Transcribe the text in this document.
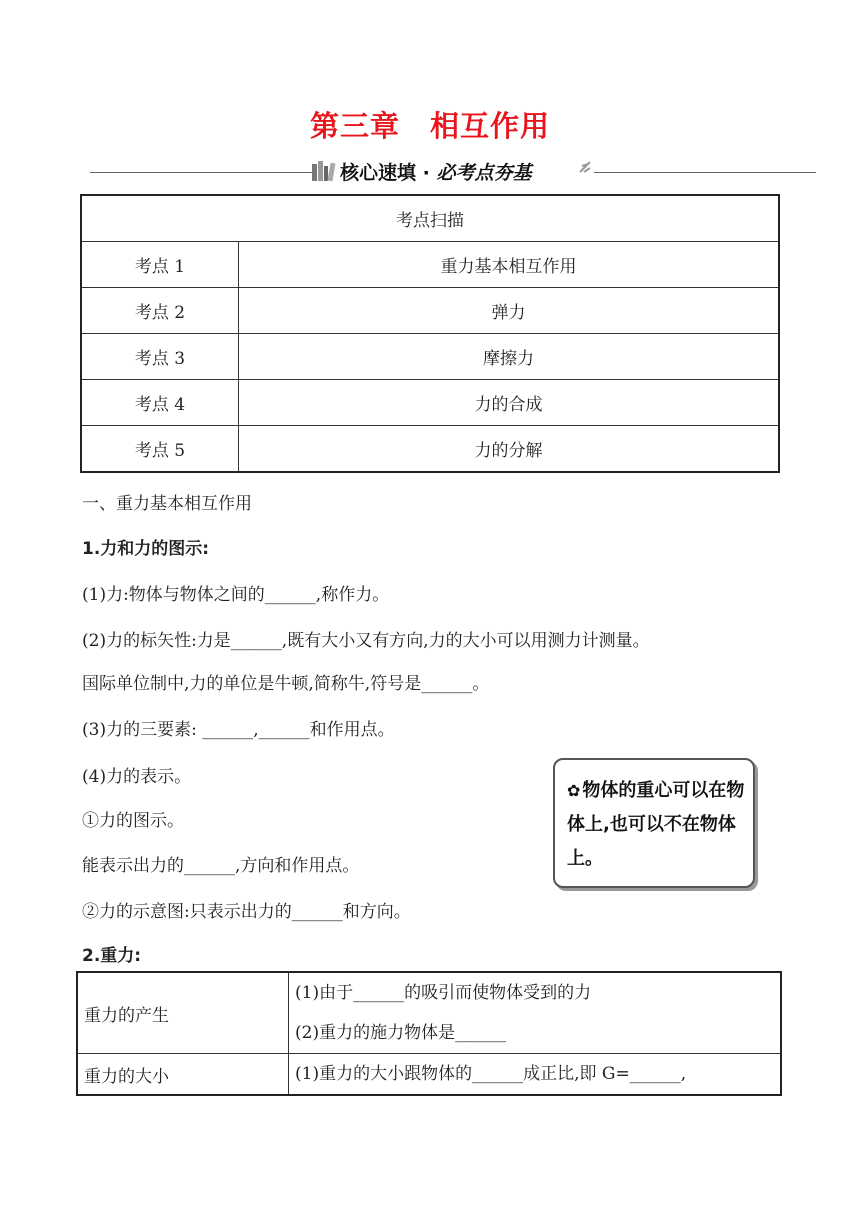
第三章　相互作用
核心速填 · 必考点夯基
考点扫描	
考点 1	重力基本相互作用
考点 2	弹力
考点 3	摩擦力
考点 4	力的合成
考点 5	力的分解
一、重力基本相互作用
1.力和力的图示:
(1)力:物体与物体之间的______,称作力。
(2)力的标矢性:力是______,既有大小又有方向,力的大小可以用测力计测量。
国际单位制中,力的单位是牛顿,简称牛,符号是______。
(3)力的三要素: ______,______和作用点。
(4)力的表示。
①力的图示。
能表示出力的______,方向和作用点。
②力的示意图:只表示出力的______和方向。
✿ 物体的重心可以在物体上,也可以不在物体上。
2.重力:
重力的产生	(1)由于______的吸引而使物体受到的力
(2)重力的施力物体是______

重力的大小	(1)重力的大小跟物体的______成正比,即 G=______,
